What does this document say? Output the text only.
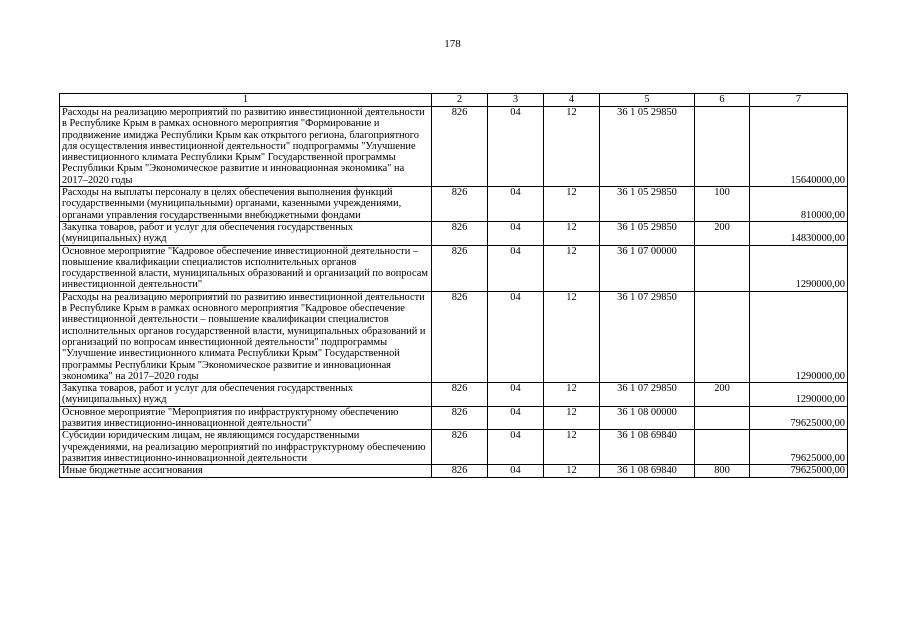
178
1	2	3	4	5	6	7
Расходы на реализацию мероприятий по развитию инвестиционной деятельности в Республике Крым в рамках основного мероприятия "Формирование и продвижение имиджа Республики Крым как открытого региона, благоприятного для осуществления инвестиционной деятельности" подпрограммы "Улучшение инвестиционного климата Республики Крым" Государственной программы Республики Крым "Экономическое развитие и инновационная экономика" на 2017–2020 годы	826	04	12	36 1 05 29850		15640000,00
Расходы на выплаты персоналу в целях обеспечения выполнения функций государственными (муниципальными) органами, казенными учреждениями, органами управления государственными внебюджетными фондами	826	04	12	36 1 05 29850	100	810000,00
Закупка товаров, работ и услуг для обеспечения государственных (муниципальных) нужд	826	04	12	36 1 05 29850	200	14830000,00
Основное мероприятие "Кадровое обеспечение инвестиционной деятельности – повышение квалификации специалистов исполнительных органов государственной власти, муниципальных образований и организаций по вопросам инвестиционной деятельности"	826	04	12	36 1 07 00000		1290000,00
Расходы на реализацию мероприятий по развитию инвестиционной деятельности в Республике Крым в рамках основного мероприятия "Кадровое обеспечение инвестиционной деятельности – повышение квалификации специалистов исполнительных органов государственной власти, муниципальных образований и организаций по вопросам инвестиционной деятельности" подпрограммы "Улучшение инвестиционного климата Республики Крым" Государственной программы Республики Крым "Экономическое развитие и инновационная экономика" на 2017–2020 годы	826	04	12	36 1 07 29850		1290000,00
Закупка товаров, работ и услуг для обеспечения государственных (муниципальных) нужд	826	04	12	36 1 07 29850	200	1290000,00
Основное мероприятие "Мероприятия по инфраструктурному обеспечению развития инвестиционно-инновационной деятельности"	826	04	12	36 1 08 00000		79625000,00
Субсидии юридическим лицам, не являющимся государственными учреждениями, на реализацию мероприятий по инфраструктурному обеспечению развития инвестиционно-инновационной деятельности	826	04	12	36 1 08 69840		79625000,00
Иные бюджетные ассигнования	826	04	12	36 1 08 69840	800	79625000,00
